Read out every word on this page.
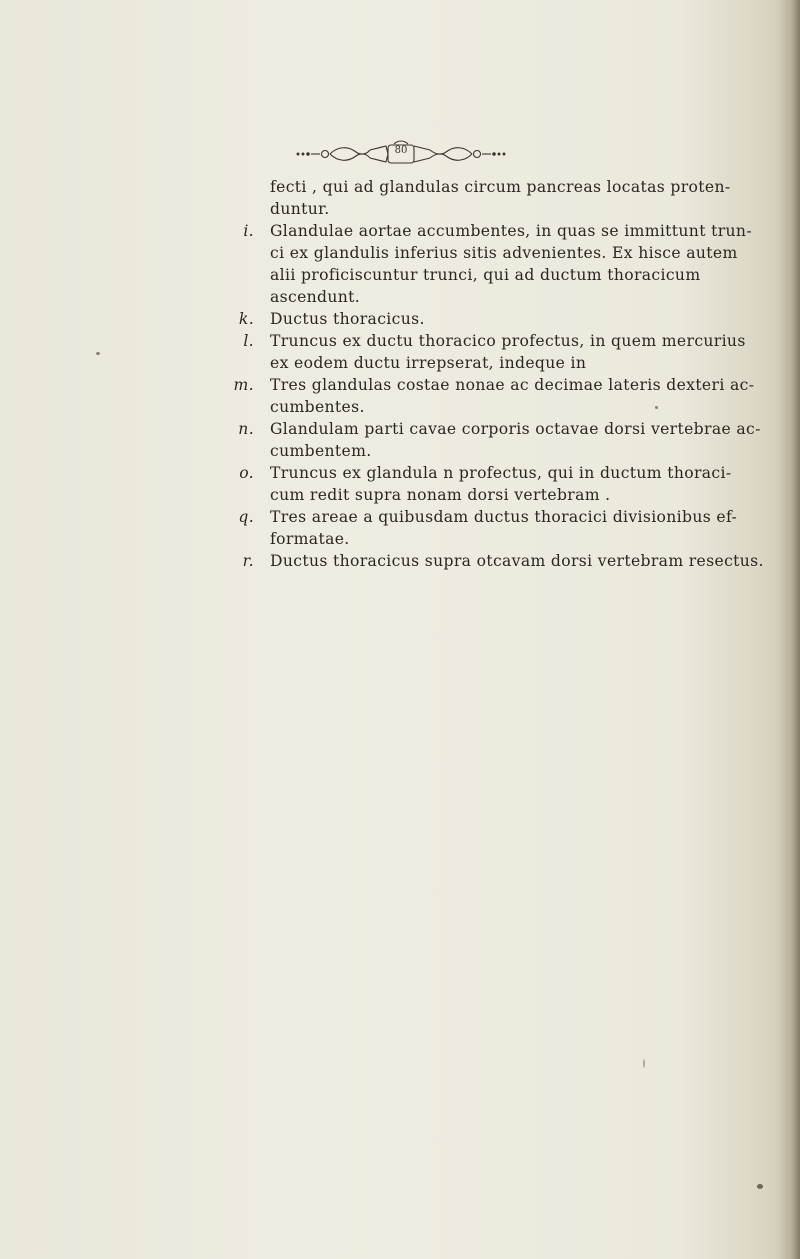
80
fecti , qui ad glandulas circum pancreas locatas proten-
duntur.
i. Glandulae aortae accumbentes, in quas se immittunt trun-
ci ex glandulis inferius sitis advenientes. Ex hisce autem
alii proficiscuntur trunci, qui ad ductum thoracicum
ascendunt.
k. Ductus thoracicus.
l. Truncus ex ductu thoracico profectus, in quem mercurius
ex eodem ductu irrepserat, indeque in
m. Tres glandulas costae nonae ac decimae lateris dexteri ac-
cumbentes.
n. Glandulam parti cavae corporis octavae dorsi vertebrae ac-
cumbentem.
o. Truncus ex glandula n profectus, qui in ductum thoraci-
cum redit supra nonam dorsi vertebram .
q. Tres areae a quibusdam ductus thoracici divisionibus ef-
formatae.
r. Ductus thoracicus supra otcavam dorsi vertebram resectus.
